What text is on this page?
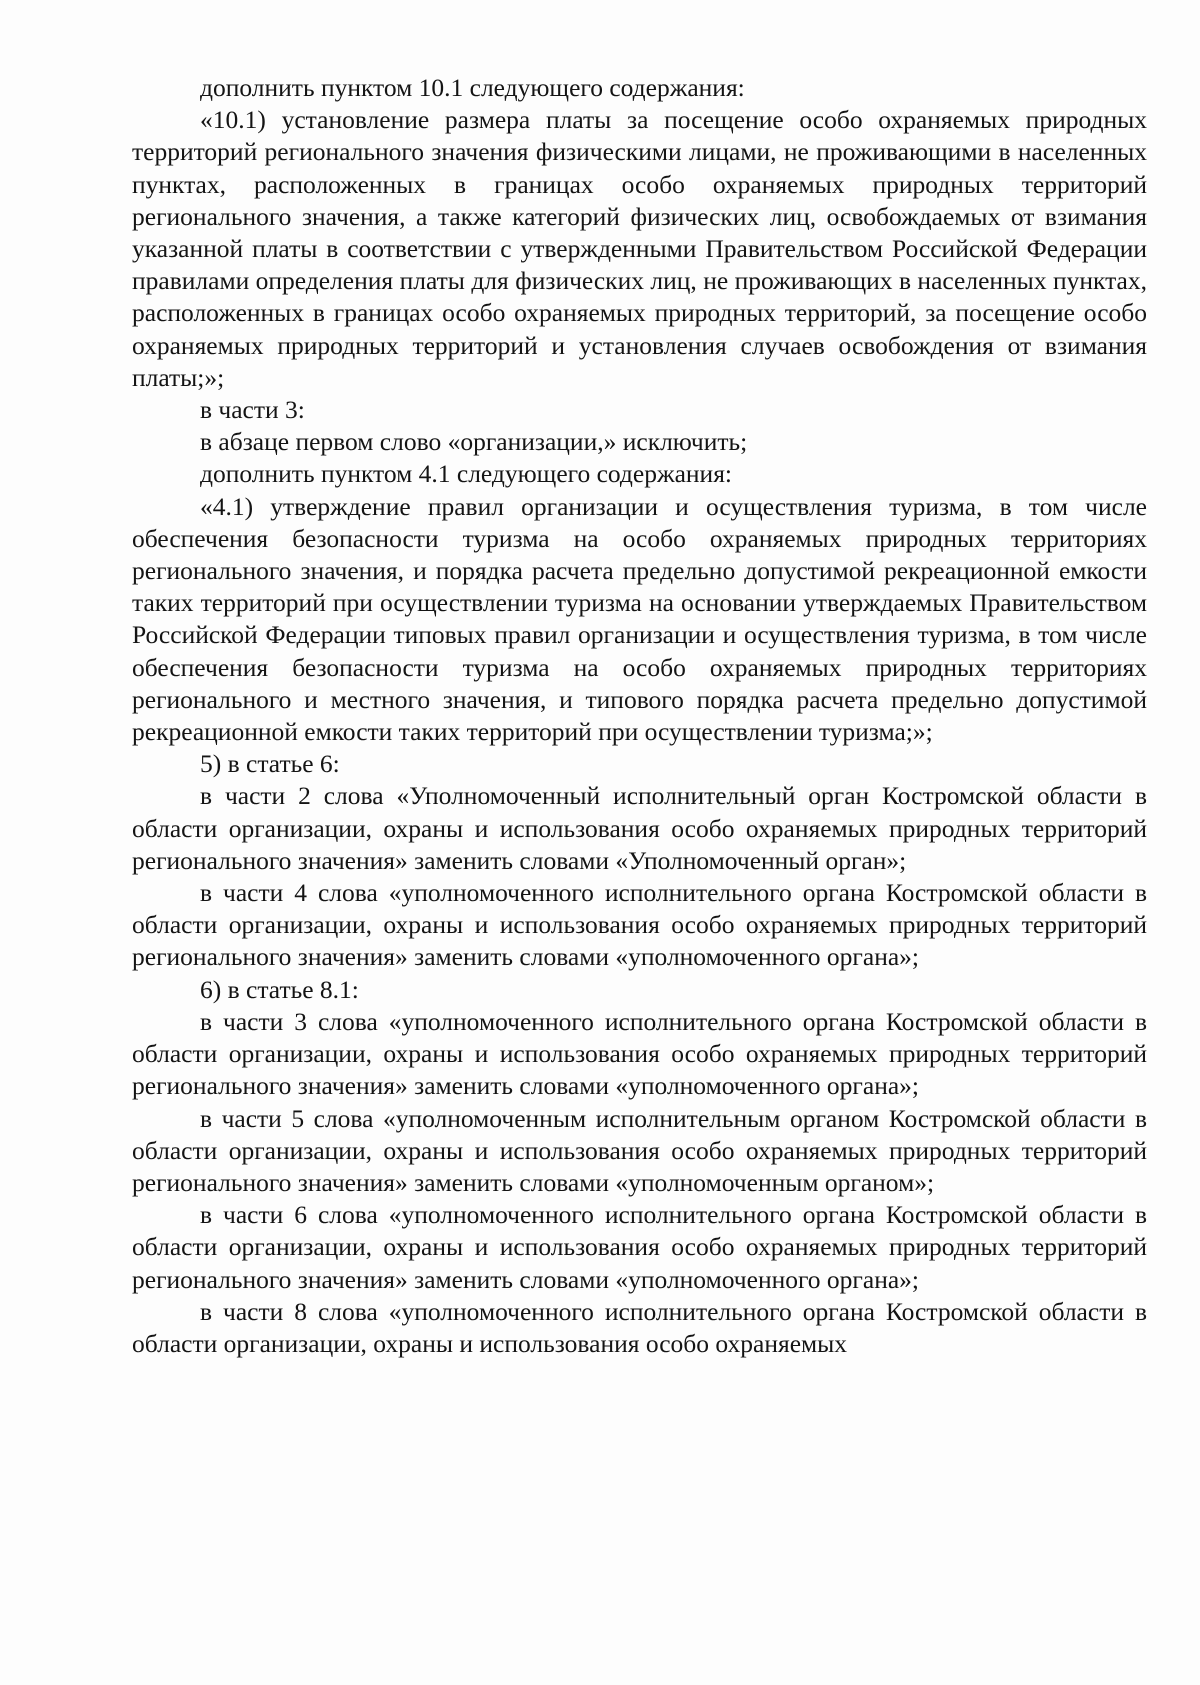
дополнить пунктом 10.1 следующего содержания:

«10.1) установление размера платы за посещение особо охраняемых природных территорий регионального значения физическими лицами, не проживающими в населенных пунктах, расположенных в границах особо охраняемых природных территорий регионального значения, а также категорий физических лиц, освобождаемых от взимания указанной платы в соответствии с утвержденными Правительством Российской Федерации правилами определения платы для физических лиц, не проживающих в населенных пунктах, расположенных в границах особо охраняемых природных территорий, за посещение особо охраняемых природных территорий и установления случаев освобождения от взимания платы;»;

в части 3:

в абзаце первом слово «организации,» исключить;

дополнить пунктом 4.1 следующего содержания:

«4.1) утверждение правил организации и осуществления туризма, в том числе обеспечения безопасности туризма на особо охраняемых природных территориях регионального значения, и порядка расчета предельно допустимой рекреационной емкости таких территорий при осуществлении туризма на основании утверждаемых Правительством Российской Федерации типовых правил организации и осуществления туризма, в том числе обеспечения безопасности туризма на особо охраняемых природных территориях регионального и местного значения, и типового порядка расчета предельно допустимой рекреационной емкости таких территорий при осуществлении туризма;»;

5) в статье 6:

в части 2 слова «Уполномоченный исполнительный орган Костромской области в области организации, охраны и использования особо охраняемых природных территорий регионального значения» заменить словами «Уполномоченный орган»;

в части 4 слова «уполномоченного исполнительного органа Костромской области в области организации, охраны и использования особо охраняемых природных территорий регионального значения» заменить словами «уполномоченного органа»;

6) в статье 8.1:

в части 3 слова «уполномоченного исполнительного органа Костромской области в области организации, охраны и использования особо охраняемых природных территорий регионального значения» заменить словами «уполномоченного органа»;

в части 5 слова «уполномоченным исполнительным органом Костромской области в области организации, охраны и использования особо охраняемых природных территорий регионального значения» заменить словами «уполномоченным органом»;

в части 6 слова «уполномоченного исполнительного органа Костромской области в области организации, охраны и использования особо охраняемых природных территорий регионального значения» заменить словами «уполномоченного органа»;

в части 8 слова «уполномоченного исполнительного органа Костромской области в области организации, охраны и использования особо охраняемых
